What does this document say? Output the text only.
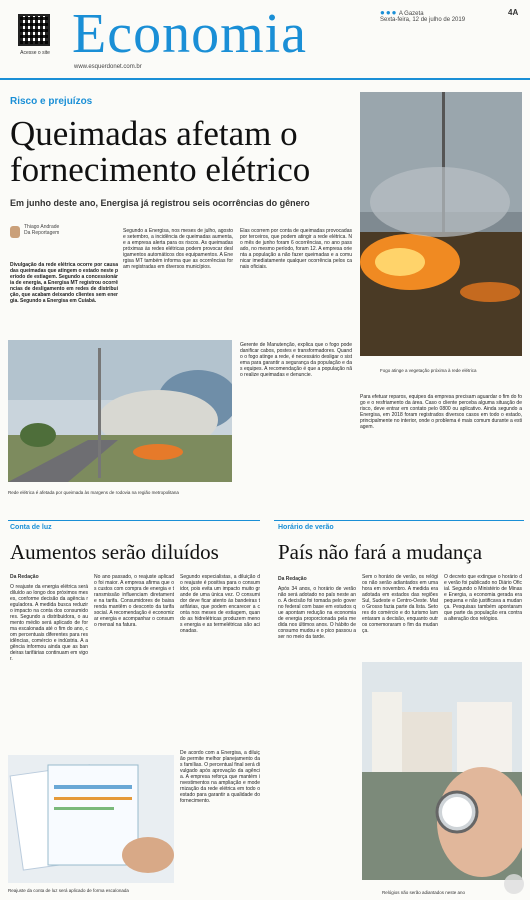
Acesse o site Economia
www.esquerdonet.com.br
●●● A Gazeta
Sexta-feira, 12 de julho de 2019
4A
Risco e prejuízos
Queimadas afetam o fornecimento elétrico
Em junho deste ano, Energisa já registrou seis ocorrências do gênero
Thiago Andrade
Da Reportagem
Divulgação da rede elétrica ocorre por causa das queimadas que atingem o estado neste período de estiagem. Segundo a concessionária de energia, a Energisa MT registrou ocorrências de desligamento em redes de distribuição, que acabam deixando clientes sem energia. Segundo a Energisa em Cuiabá.
Segundo a Energisa, nos meses de julho, agosto e setembro, a incidência de queimadas aumenta, e a empresa alerta para os riscos. As queimadas próximas às redes elétricas podem provocar desligamentos automáticos dos equipamentos. A Energisa MT também informa que as ocorrências foram registradas em diversos municípios.
Elas ocorrem por conta de queimadas provocadas por terceiros, que podem atingir a rede elétrica. No mês de junho foram 6 ocorrências, no ano passado, no mesmo período, foram 12. A empresa orienta a população a não fazer queimadas e a comunicar imediatamente qualquer ocorrência pelos canais oficiais.
Rede elétrica é afetada por queimada às margens de rodovia na região metropolitana
Gerente de Manutenção, explica que o fogo pode danificar cabos, postes e transformadores. Quando o fogo atinge a rede, é necessário desligar o sistema para garantir a segurança da população e das equipes. A recomendação é que a população não realize queimadas e denuncie.
Fogo atinge a vegetação próxima à rede elétrica
Para efetuar reparos, equipes da empresa precisam aguardar o fim do fogo e o resfriamento da área. Caso o cliente perceba alguma situação de risco, deve entrar em contato pelo 0800 ou aplicativo. Ainda segundo a Energisa, em 2018 foram registrados diversos casos em todo o estado, principalmente no interior, onde o problema é mais comum durante a estiagem.
Conta de luz
Aumentos serão diluídos
Da Redação
O reajuste da energia elétrica será diluído ao longo dos próximos meses, conforme decisão da agência reguladora. A medida busca reduzir o impacto na conta dos consumidores. Segundo a distribuidora, o aumento médio será aplicado de forma escalonada até o fim do ano, com percentuais diferentes para residências, comércio e indústria. A agência informou ainda que as bandeiras tarifárias continuam em vigor.
No ano passado, o reajuste aplicado foi maior. A empresa afirma que os custos com compra de energia e transmissão influenciam diretamente na tarifa. Consumidores de baixa renda mantêm o desconto da tarifa social. A recomendação é economizar energia e acompanhar o consumo mensal na fatura.
Segundo especialistas, a diluição do reajuste é positiva para o consumidor, pois evita um impacto muito grande de uma única vez. O consumidor deve ficar atento às bandeiras tarifárias, que podem encarecer a conta nos meses de estiagem, quando as hidrelétricas produzem menos energia e as termelétricas são acionadas.
Reajuste da conta de luz será aplicado de forma escalonada
De acordo com a Energisa, a diluição permite melhor planejamento das famílias. O percentual final será divulgado após aprovação da agência. A empresa reforça que mantém investimentos na ampliação e modernização da rede elétrica em todo o estado para garantir a qualidade do fornecimento.
Horário de verão
País não fará a mudança
Da Redação
Após 34 anos, o horário de verão não será adotado no país neste ano. A decisão foi tomada pelo governo federal com base em estudos que apontam redução na economia de energia proporcionada pela medida nos últimos anos. O hábito de consumo mudou e o pico passou a ser no meio da tarde.
Sem o horário de verão, os relógios não serão adiantados em uma hora em novembro. A medida era adotada em estados das regiões Sul, Sudeste e Centro-Oeste. Mato Grosso fazia parte da lista. Setores do comércio e do turismo lamentaram a decisão, enquanto outros comemoraram o fim da mudança.
O decreto que extingue o horário de verão foi publicado no Diário Oficial. Segundo o Ministério de Minas e Energia, a economia gerada era pequena e não justificava a mudança. Pesquisas também apontaram que parte da população era contra a alteração dos relógios.
Relógios não serão adiantados neste ano
